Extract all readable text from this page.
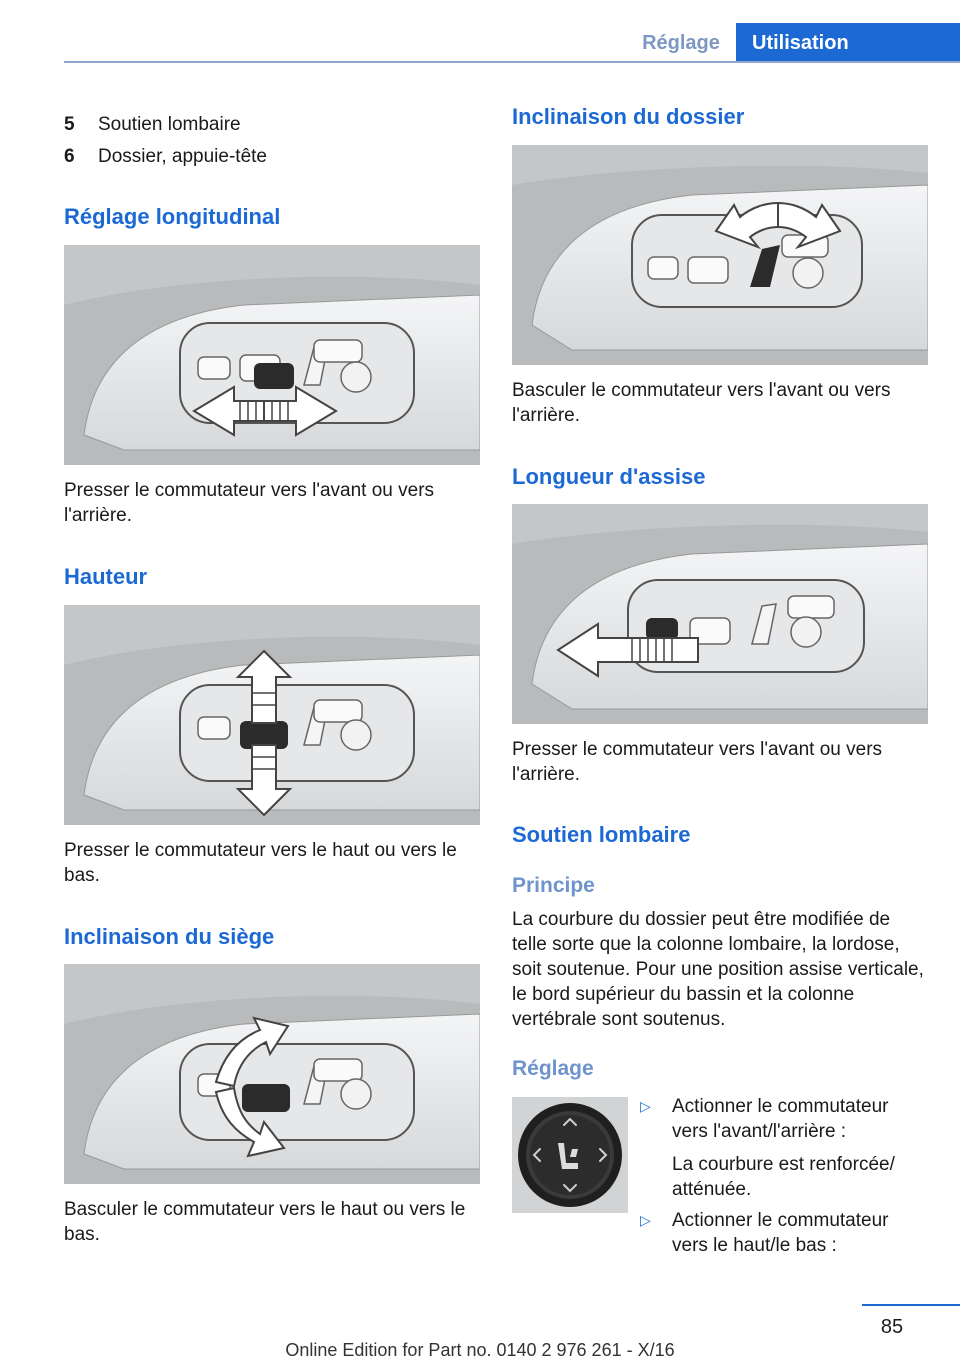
Réglage	Utilisation
5 Soutien lombaire
6 Dossier, appuie-tête
Réglage longitudinal
Presser le commutateur vers l'avant ou vers l'arrière.
Hauteur
Presser le commutateur vers le haut ou vers le bas.
Inclinaison du siège
Basculer le commutateur vers le haut ou vers le bas.
Inclinaison du dossier
Basculer le commutateur vers l'avant ou vers l'arrière.
Longueur d'assise
Presser le commutateur vers l'avant ou vers l'arrière.
Soutien lombaire
Principe
La courbure du dossier peut être modifiée de telle sorte que la colonne lombaire, la lordose, soit soutenue. Pour une position assise verticale, le bord supérieur du bassin et la colonne vertébrale sont soutenus.
Réglage
▷ Actionner le commutateur vers l'avant/l'arrière :
La courbure est renforcée/ atténuée.
▷ Actionner le commutateur vers le haut/le bas :
85
Online Edition for Part no. 0140 2 976 261 - X/16
